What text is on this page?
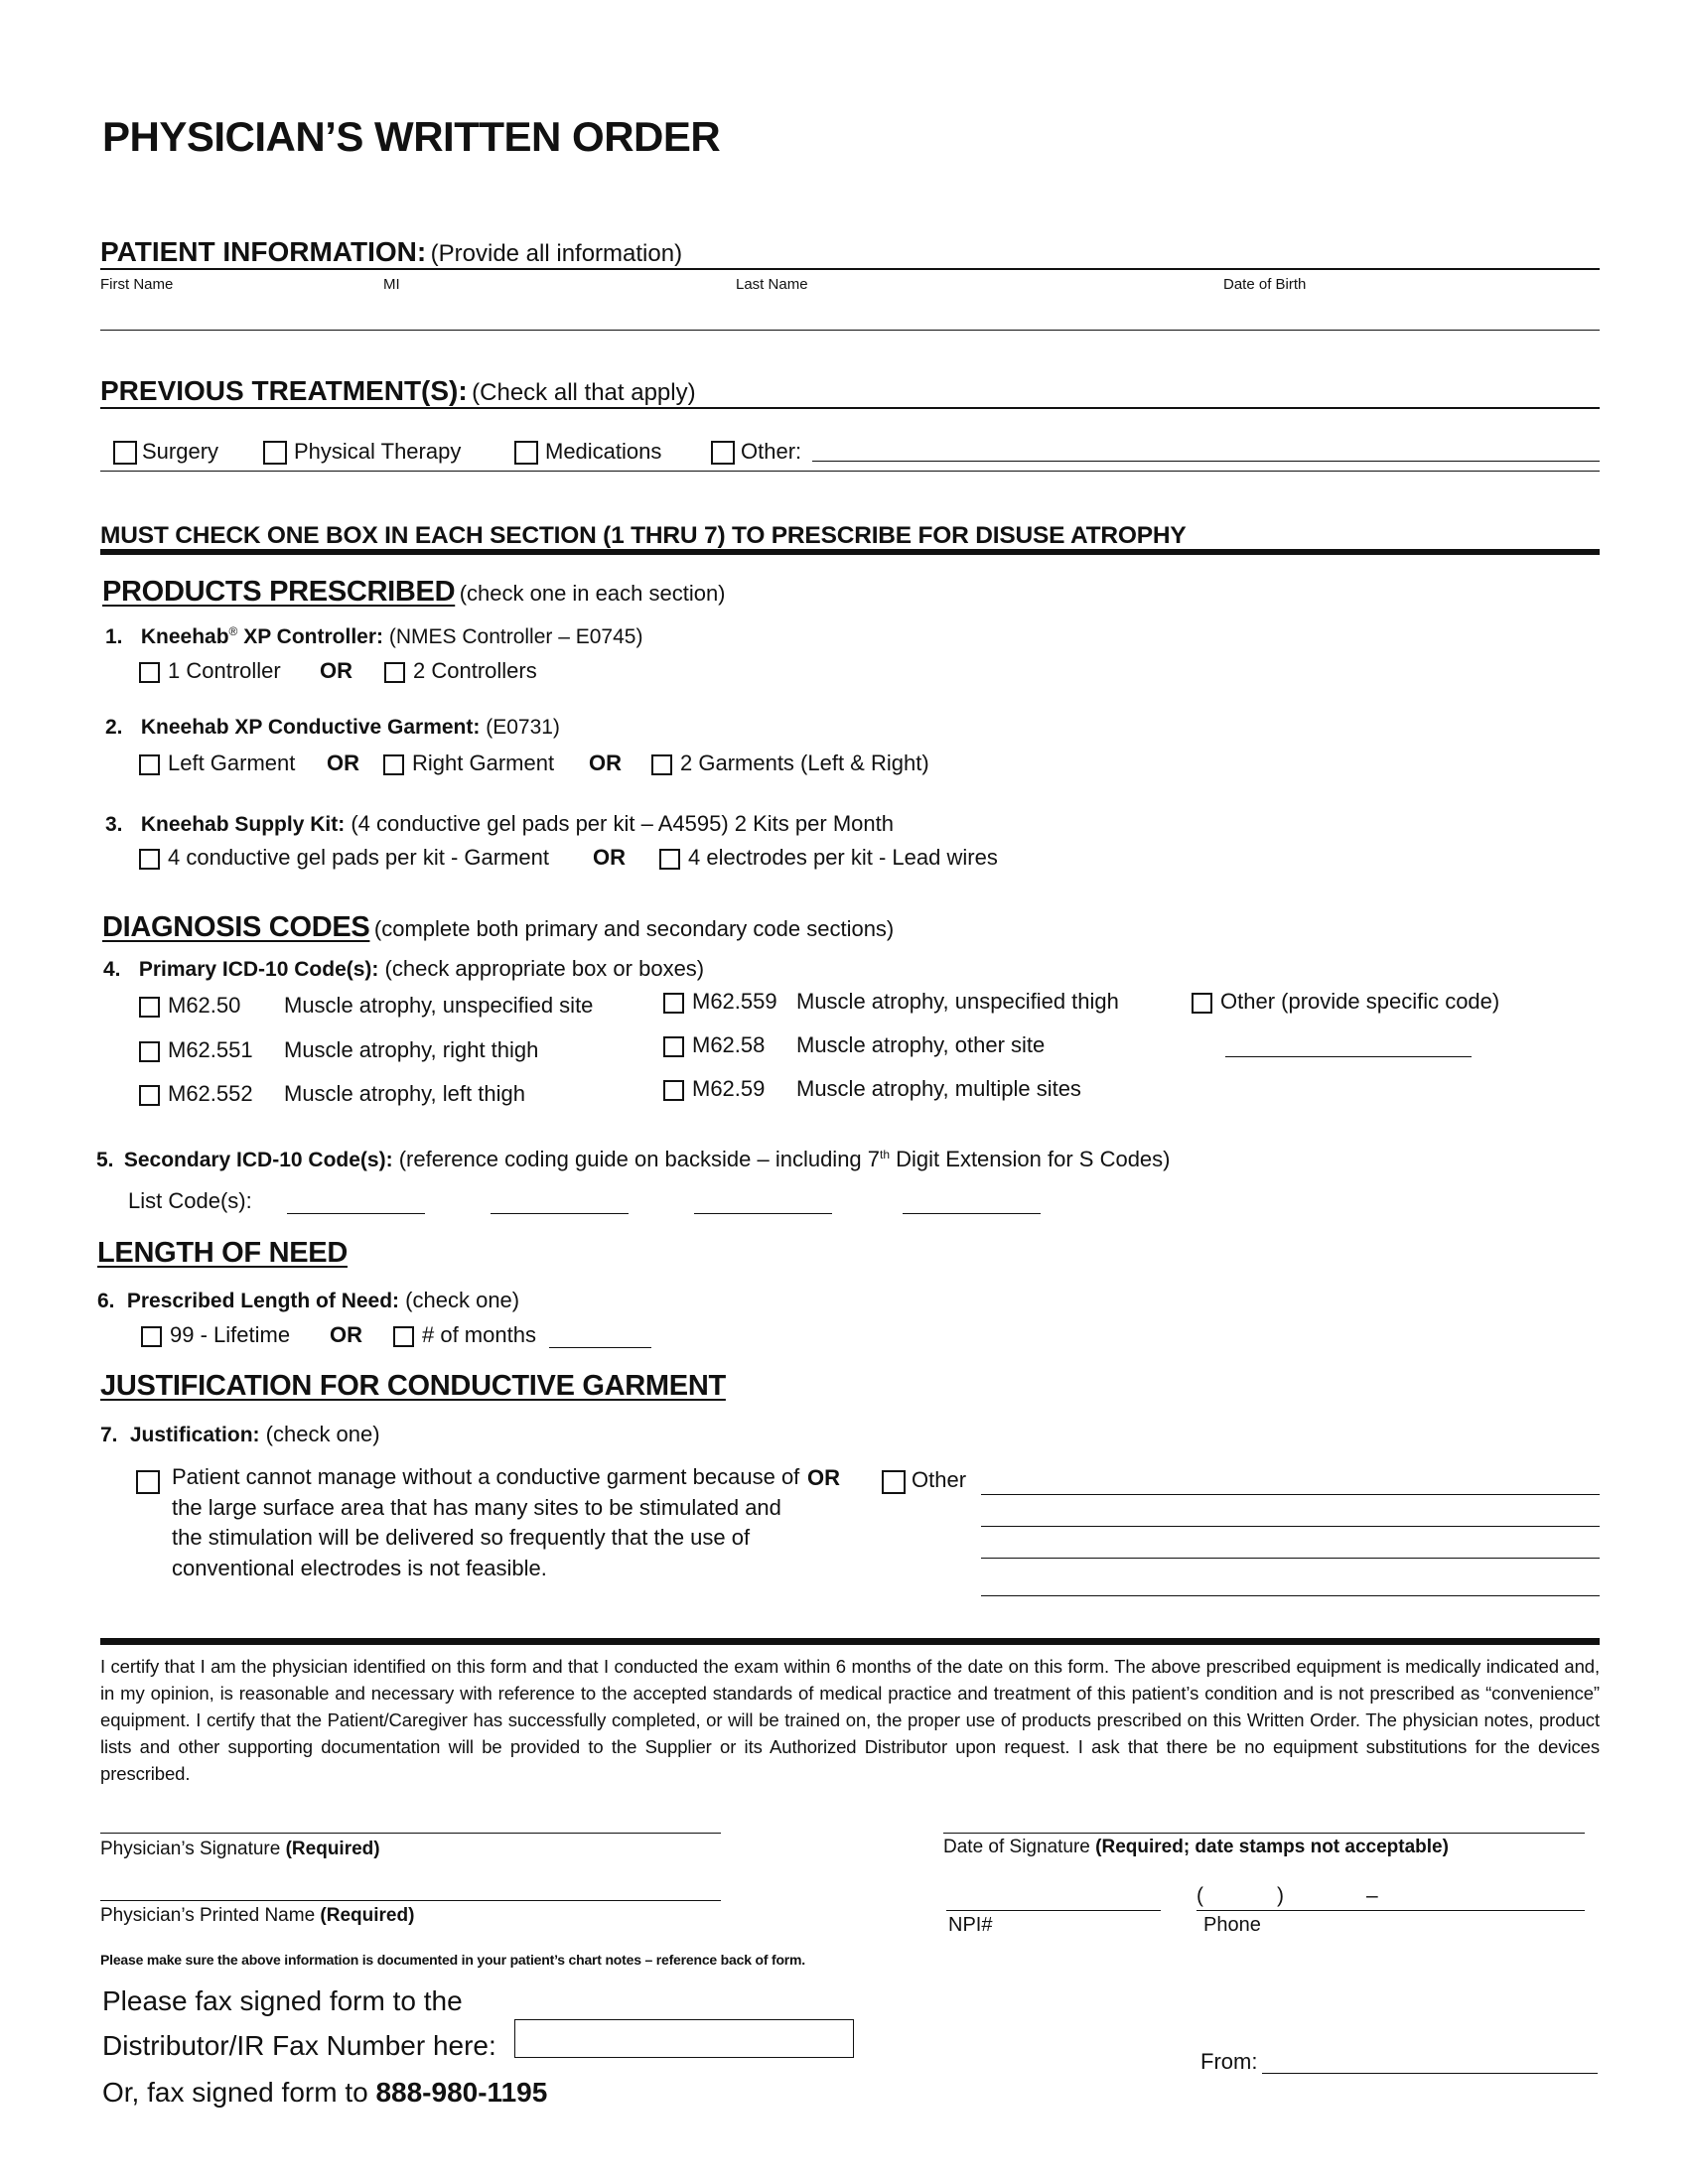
PHYSICIAN’S WRITTEN ORDER
PATIENT INFORMATION: (Provide all information)
First Name	MI	Last Name	Date of Birth
PREVIOUS TREATMENT(S): (Check all that apply)
Surgery	Physical Therapy	Medications	Other:
MUST CHECK ONE BOX IN EACH SECTION (1 THRU 7) TO PRESCRIBE FOR DISUSE ATROPHY
PRODUCTS PRESCRIBED (check one in each section)
1. Kneehab® XP Controller: (NMES Controller – E0745)
1 Controller OR	2 Controllers
2. Kneehab XP Conductive Garment: (E0731)
Left Garment OR Right Garment OR	2 Garments (Left & Right)
3. Kneehab Supply Kit: (4 conductive gel pads per kit – A4595) 2 Kits per Month
4 conductive gel pads per kit - Garment OR	4 electrodes per kit - Lead wires
DIAGNOSIS CODES (complete both primary and secondary code sections)
4. Primary ICD-10 Code(s): (check appropriate box or boxes)
M62.50 Muscle atrophy, unspecified site
M62.551 Muscle atrophy, right thigh
M62.552 Muscle atrophy, left thigh
M62.559 Muscle atrophy, unspecified thigh
M62.58 Muscle atrophy, other site
M62.59 Muscle atrophy, multiple sites
Other (provide specific code)
5. Secondary ICD-10 Code(s): (reference coding guide on backside – including 7th Digit Extension for S Codes)
List Code(s):
LENGTH OF NEED
6. Prescribed Length of Need: (check one)
99 - Lifetime OR	# of months
JUSTIFICATION FOR CONDUCTIVE GARMENT
7. Justification: (check one)
Patient cannot manage without a conductive garment because of the large surface area that has many sites to be stimulated and the stimulation will be delivered so frequently that the use of conventional electrodes is not feasible.
OR	Other
I certify that I am the physician identified on this form and that I conducted the exam within 6 months of the date on this form. The above prescribed equipment is medically indicated and, in my opinion, is reasonable and necessary with reference to the accepted standards of medical practice and treatment of this patient’s condition and is not prescribed as “convenience” equipment. I certify that the Patient/Caregiver has successfully completed, or will be trained on, the proper use of products prescribed on this Written Order. The physician notes, product lists and other supporting documentation will be provided to the Supplier or its Authorized Distributor upon request. I ask that there be no equipment substitutions for the devices prescribed.
Physician’s Signature (Required)	Date of Signature (Required; date stamps not acceptable)
Physician’s Printed Name (Required)	NPI#
(	)	–
Phone
Please make sure the above information is documented in your patient’s chart notes – reference back of form.
Please fax signed form to the
Distributor/IR Fax Number here:
Or, fax signed form to 888-980-1195
From:
